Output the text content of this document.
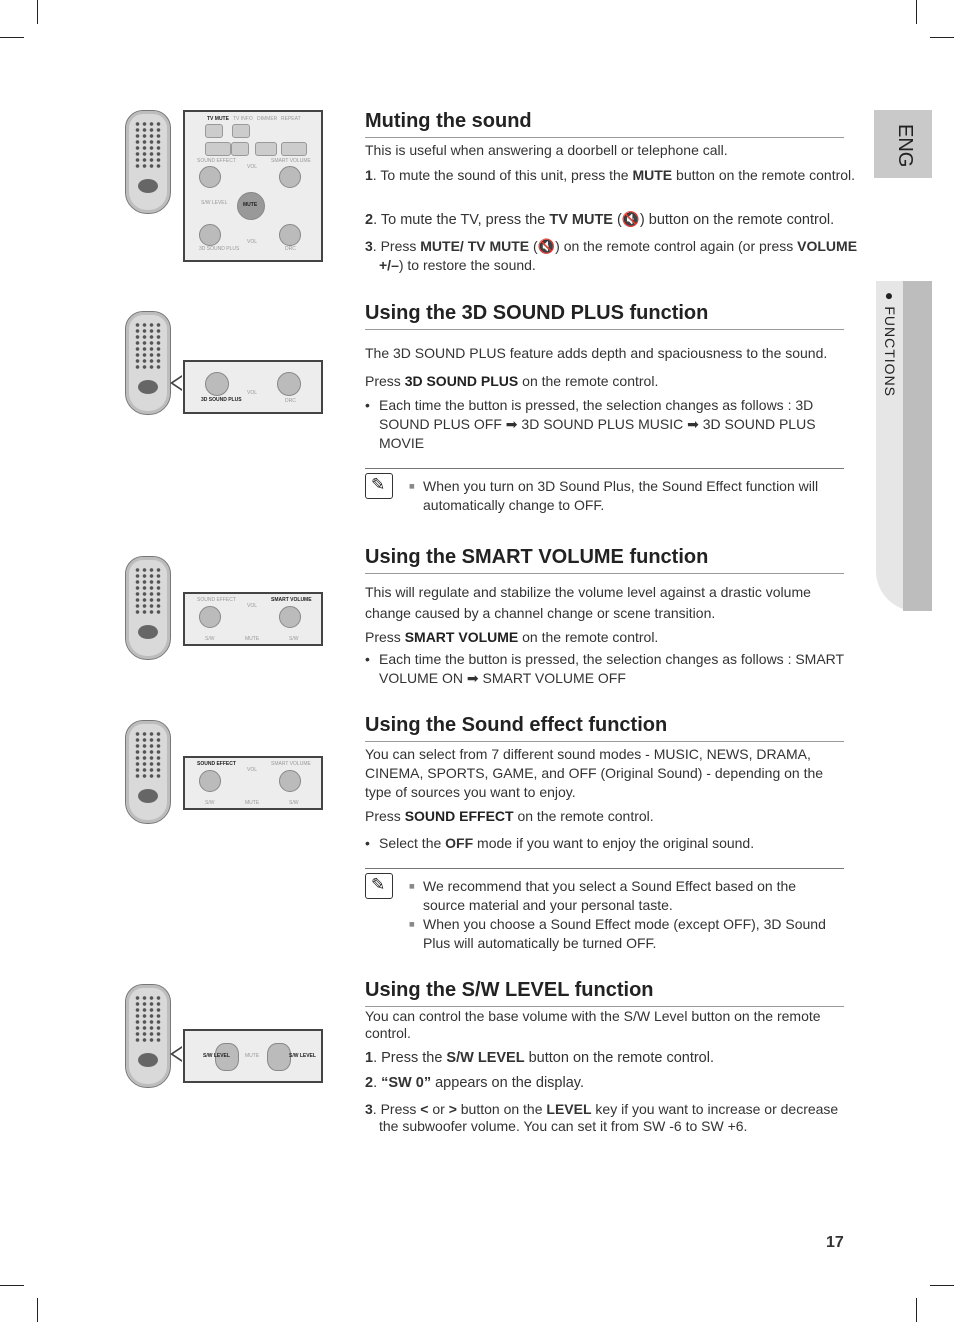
ENG
● FUNCTIONS
TV MUTE TV INFO DIMMER REPEAT
SOUND EFFECT	SMART VOLUME
VOL
MUTE
S/W LEVEL
VOL
3D SOUND PLUS	DRC
Muting the sound

This is useful when answering a doorbell or telephone call.

1. To mute the sound of this unit, press the MUTE button on the remote control.
2. To mute the TV, press the TV MUTE (🔇) button on the remote control.
3. Press MUTE/ TV MUTE (🔇) on the remote control again (or press VOLUME +/–) to restore the sound.
VOL
3D SOUND PLUS	DRC
Using the 3D SOUND PLUS function

The 3D SOUND PLUS feature adds depth and spaciousness to the sound.

Press 3D SOUND PLUS on the remote control.

• Each time the button is pressed, the selection changes as follows : 3D SOUND PLUS OFF ➡ 3D SOUND PLUS MUSIC ➡ 3D SOUND PLUS MOVIE
✎
■ When you turn on 3D Sound Plus, the Sound Effect function will automatically change to OFF.
SOUND EFFECT	SMART VOLUME
VOL
S/W	MUTE	S/W
Using the SMART VOLUME function

This will regulate and stabilize the volume level against a drastic volume change caused by a channel change or scene transition.

Press SMART VOLUME on the remote control.

• Each time the button is pressed, the selection changes as follows : SMART VOLUME ON ➡ SMART VOLUME OFF
SOUND EFFECT	SMART VOLUME
VOL
S/W	MUTE	S/W
Using the Sound effect function

You can select from 7 different sound modes - MUSIC, NEWS, DRAMA, CINEMA, SPORTS, GAME, and OFF (Original Sound) - depending on the type of sources you want to enjoy.

Press SOUND EFFECT on the remote control.

• Select the OFF mode if you want to enjoy the original sound.
✎
■ We recommend that you select a Sound Effect based on the source material and your personal taste.
■ When you choose a Sound Effect mode (except OFF), 3D Sound Plus will automatically be turned OFF.
S/W LEVEL	MUTE	S/W LEVEL
Using the S/W LEVEL function

You can control the base volume with the S/W Level button on the remote control.

1. Press the S/W LEVEL button on the remote control.
2. “SW 0” appears on the display.
3. Press < or > button on the LEVEL key if you want to increase or decrease the subwoofer volume. You can set it from SW -6 to SW +6.
17
